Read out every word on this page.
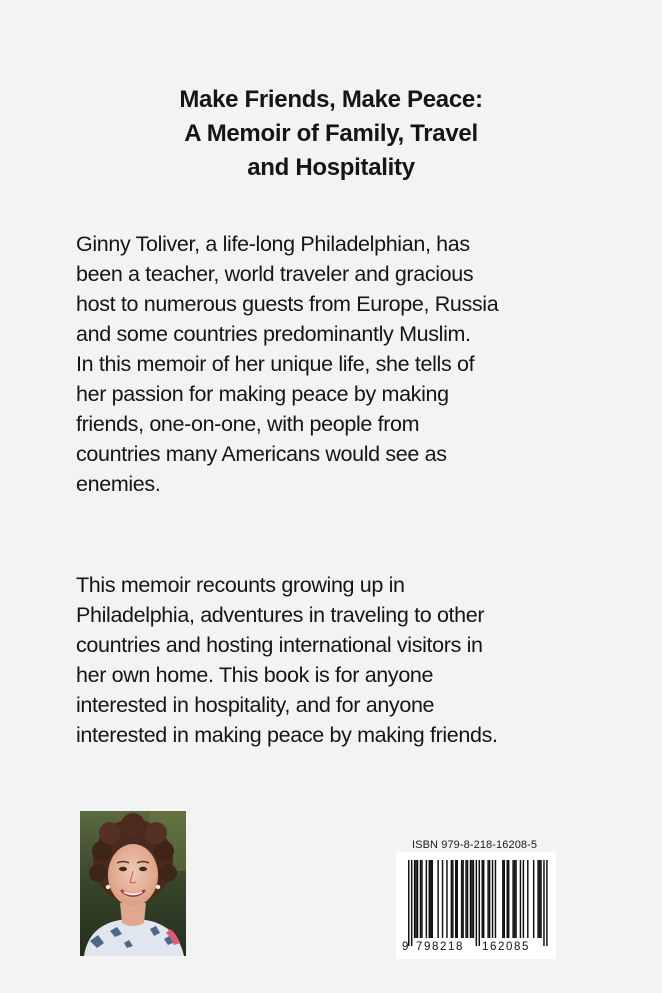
Make Friends, Make Peace:
A Memoir of Family, Travel
and Hospitality
Ginny Toliver, a life-long Philadelphian, has
been a teacher, world traveler and gracious
host to numerous guests from Europe, Russia
and some countries predominantly Muslim.
In this memoir of her unique life, she tells of
her passion for making peace by making
friends, one-on-one, with people from
countries many Americans would see as
enemies.
This memoir recounts growing up in
Philadelphia, adventures in traveling to other
countries and hosting international visitors in
her own home. This book is for anyone
interested in hospitality, and for anyone
interested in making peace by making friends.
ISBN 979-8-218-16208-5
9 798218 162085
